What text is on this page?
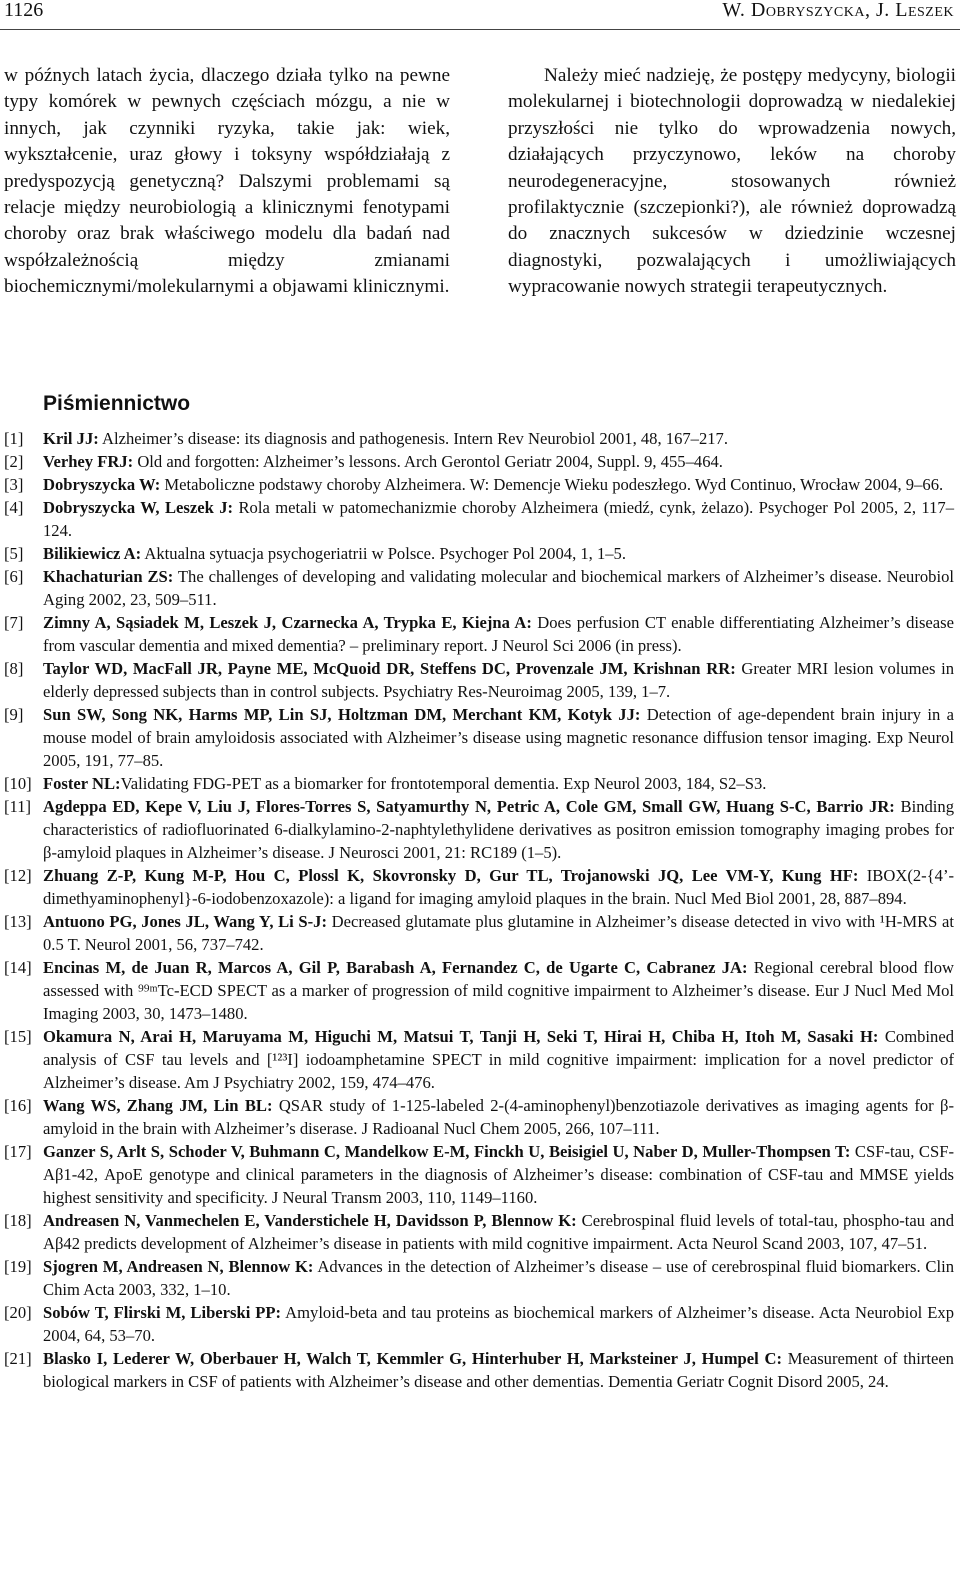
1126	W. Dobryszycka, J. Leszek

w późnych latach życia, dlaczego działa tylko na pewne typy komórek w pewnych częściach mózgu, a nie w innych, jak czynniki ryzyka, takie jak: wiek, wykształcenie, uraz głowy i toksyny współdziałają z predyspozycją genetyczną? Dalszymi problemami są relacje między neurobiologią a klinicznymi fenotypami choroby oraz brak właściwego modelu dla badań nad współzależnością między zmianami biochemicznymi/molekularnymi a objawami klinicznymi.

Należy mieć nadzieję, że postępy medycyny, biologii molekularnej i biotechnologii doprowadzą w niedalekiej przyszłości nie tylko do wprowadzenia nowych, działających przyczynowo, leków na choroby neurodegeneracyjne, stosowanych również profilaktycznie (szczepionki?), ale również doprowadzą do znacznych sukcesów w dziedzinie wczesnej diagnostyki, pozwalających i umożliwiających wypracowanie nowych strategii terapeutycznych.

Piśmiennictwo
[1]	Kril JJ: Alzheimer’s disease: its diagnosis and pathogenesis. Intern Rev Neurobiol 2001, 48, 167–217.
[2]	Verhey FRJ: Old and forgotten: Alzheimer’s lessons. Arch Gerontol Geriatr 2004, Suppl. 9, 455–464.
[3]	Dobryszycka W: Metaboliczne podstawy choroby Alzheimera. W: Demencje Wieku podeszłego. Wyd Continuo, Wrocław 2004, 9–66.
[4]	Dobryszycka W, Leszek J: Rola metali w patomechanizmie choroby Alzheimera (miedź, cynk, żelazo). Psychoger Pol 2005, 2, 117–124.
[5]	Bilikiewicz A: Aktualna sytuacja psychogeriatrii w Polsce. Psychoger Pol 2004, 1, 1–5.
[6]	Khachaturian ZS: The challenges of developing and validating molecular and biochemical markers of Alzheimer’s disease. Neurobiol Aging 2002, 23, 509–511.
[7]	Zimny A, Sąsiadek M, Leszek J, Czarnecka A, Trypka E, Kiejna A: Does perfusion CT enable differentiating Alzheimer’s disease from vascular dementia and mixed dementia? – preliminary report. J Neurol Sci 2006 (in press).
[8]	Taylor WD, MacFall JR, Payne ME, McQuoid DR, Steffens DC, Provenzale JM, Krishnan RR: Greater MRI lesion volumes in elderly depressed subjects than in control subjects. Psychiatry Res-Neuroimag 2005, 139, 1–7.
[9]	Sun SW, Song NK, Harms MP, Lin SJ, Holtzman DM, Merchant KM, Kotyk JJ: Detection of age-dependent brain injury in a mouse model of brain amyloidosis associated with Alzheimer’s disease using magnetic resonance diffusion tensor imaging. Exp Neurol 2005, 191, 77–85.
[10] Foster NL:Validating FDG-PET as a biomarker for frontotemporal dementia. Exp Neurol 2003, 184, S2–S3.
[11] Agdeppa ED, Kepe V, Liu J, Flores-Torres S, Satyamurthy N, Petric A, Cole GM, Small GW, Huang S-C, Barrio JR: Binding characteristics of radiofluorinated 6-dialkylamino-2-naphtylethylidene derivatives as positron emission tomography imaging probes for β-amyloid plaques in Alzheimer’s disease. J Neurosci 2001, 21: RC189 (1–5).
[12] Zhuang Z-P, Kung M-P, Hou C, Plossl K, Skovronsky D, Gur TL, Trojanowski JQ, Lee VM-Y, Kung HF: IBOX(2-{4’-dimethyaminophenyl}-6-iodobenzoxazole): a ligand for imaging amyloid plaques in the brain. Nucl Med Biol 2001, 28, 887–894.
[13] Antuono PG, Jones JL, Wang Y, Li S-J: Decreased glutamate plus glutamine in Alzheimer’s disease detected in vivo with ¹H-MRS at 0.5 T. Neurol 2001, 56, 737–742.
[14] Encinas M, de Juan R, Marcos A, Gil P, Barabash A, Fernandez C, de Ugarte C, Cabranez JA: Regional cerebral blood flow assessed with ⁹⁹ᵐTc-ECD SPECT as a marker of progression of mild cognitive impairment to Alzheimer’s disease. Eur J Nucl Med Mol Imaging 2003, 30, 1473–1480.
[15] Okamura N, Arai H, Maruyama M, Higuchi M, Matsui T, Tanji H, Seki T, Hirai H, Chiba H, Itoh M, Sasaki H: Combined analysis of CSF tau levels and [¹²³I] iodoamphetamine SPECT in mild cognitive impairment: implication for a novel predictor of Alzheimer’s disease. Am J Psychiatry 2002, 159, 474–476.
[16] Wang WS, Zhang JM, Lin BL: QSAR study of 1-125-labeled 2-(4-aminophenyl)benzotiazole derivatives as imaging agents for β-amyloid in the brain with Alzheimer’s diserase. J Radioanal Nucl Chem 2005, 266, 107–111.
[17] Ganzer S, Arlt S, Schoder V, Buhmann C, Mandelkow E-M, Finckh U, Beisigiel U, Naber D, Muller-Thompsen T: CSF-tau, CSF-Aβ1-42, ApoE genotype and clinical parameters in the diagnosis of Alzheimer’s disease: combination of CSF-tau and MMSE yields highest sensitivity and specificity. J Neural Transm 2003, 110, 1149–1160.
[18] Andreasen N, Vanmechelen E, Vanderstichele H, Davidsson P, Blennow K: Cerebrospinal fluid levels of total-tau, phospho-tau and Aβ42 predicts development of Alzheimer’s disease in patients with mild cognitive impairment. Acta Neurol Scand 2003, 107, 47–51.
[19] Sjogren M, Andreasen N, Blennow K: Advances in the detection of Alzheimer’s disease – use of cerebrospinal fluid biomarkers. Clin Chim Acta 2003, 332, 1–10.
[20] Sobów T, Flirski M, Liberski PP: Amyloid-beta and tau proteins as biochemical markers of Alzheimer’s disease. Acta Neurobiol Exp 2004, 64, 53–70.
[21] Blasko I, Lederer W, Oberbauer H, Walch T, Kemmler G, Hinterhuber H, Marksteiner J, Humpel C: Measurement of thirteen biological markers in CSF of patients with Alzheimer’s disease and other dementias. Dementia Geriatr Cognit Disord 2005, 24.
